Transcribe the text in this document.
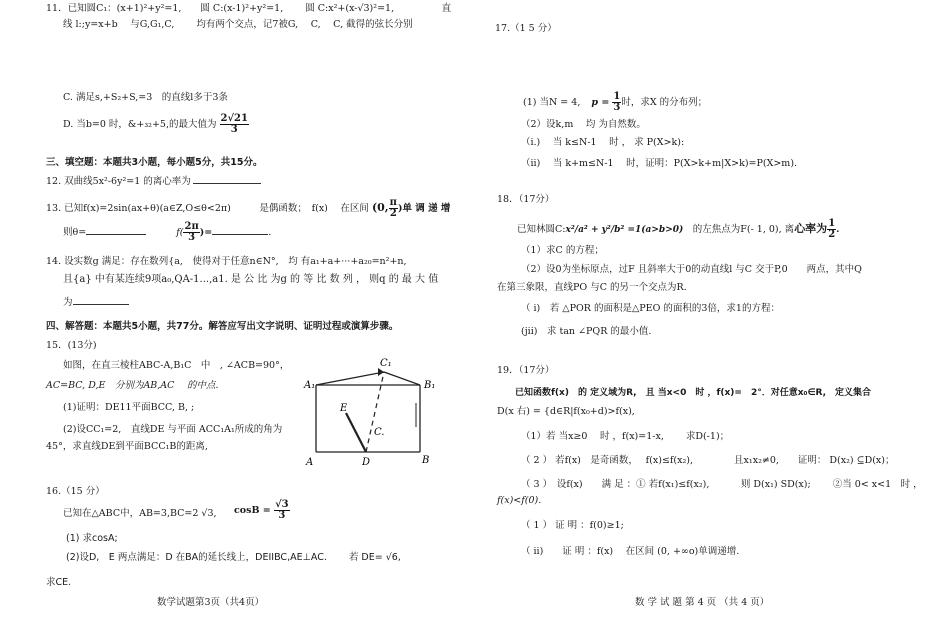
11．已知圆C₁：(x+1)²+y²=1,　　圆 C:(x-1)²+y²=1,　　 圆 C:x²+(x-√3)²=1,　　　　　直
线 l:;y=x+b　 与G,G₁,C,　　 均有两个交点，记7被G,　 C,　 C, 截得的弦长分别
C. 满足s,+S₂+S,=3　的直线l多于3条
D. 当b=0 时，&+₃₂+5,的最大值为 $\frac{2√21}{3}$
三、填空题：本题共3小题，每小题5分，共15分。
12. 双曲线5x²-6y²=1 的离心率为
13. 已知f(x)=2sin(ax+θ)(a∈Z,O≤θ<2π)　　　是偶函数；　f(x)　 在区间 (0, $\frac{\pi}{2}$ )单 调 递 增
则θ=	$f( \frac{2\pi}{3}$ )=	.
14. 设实数g 满足：存在数列{a,　使得对于任意n∈N°,　均 有a₁+a+···+a₂₀=n²+n,
且{a} 中有某连续9项a₀,QA-1...,a1. 是 公 比 为g 的 等 比 数 列 ， 则q 的 最 大 值
为
四、解答题：本题共5小题，共77分。解答应写出文字说明、证明过程或演算步骤。
15．(13分)
如图，在直三棱柱ABC-A,B₁C　中　, ∠ACB=90°，
AC=BC, D,E　分别为AB,AC　 的中点.
(1)证明：DE11平面BCC, B, ;
(2)设CC₁=2,　直线DE 与平面 ACC₁A₁所成的角为
45°，求直线DE到平面BCC₁B的距离,
A₁
C₁
B₁
E
C.
A	D	B
16.（15 分）
已知在△ABC中，AB=3,BC=2 √3, $\cos B = \frac{√3}{3}$
(1) 求cosA;
(2)设D,　E 两点满足：D 在BA的延长线上，DEIIBC,AE⊥AC.　　 若 DE= √6,
求CE.
数学试题第3页（共4页）
17.（1 5 分）
(1) 当N = 4, $p = \frac{1}{3}$ 时，求X 的分布列；
（2）设k,m　 均 为自然数。
（i.)　 当 k≤N-1　 时 ， 求 P(X>k):
（ii)　 当 k+m≤N-1　 时，证明：P(X>k+m|X>k)=P(X>m).
18．（17分）
已知林圆C:x²/a² + y²/b² =1(a>b>0)　的左焦点为F(- 1, 0), 离心率为 $\frac{1}{2}$ .
（1）求C 的方程；
（2）设0为坐标原点，过F 且斜率大于0的动直线l 与C 交于P,0　　两点，其中Q
在第三象限，直线PO 与C 的另一个交点为R.
（ i)　若 △POR 的面积是△PEO 的面积的3倍，求1的方程：
(jii)　求 tan ∠PQR 的最小值.
19．（17分）
已知函数f(x)　的 定义域为R,　且 当x<0　时 ，f(x)=　2°．对任意x₀∈R,　定义集合
D(x 右) = {d∈R|f(x₀+d)>f(x),
（1）若 当x≥0　 时 ，f(x)=1-x,　　 求D(-1)；
（ 2 ） 若f(x)　是奇函数，　 f(x)≤f(x₂),　　　　 且x₁x₂≠0,　　证明： D(x₂) ⊆D(x)；
（ 3 ）　设f(x)　　满 足 ：① 若f(x₁)≤f(x₂),　　　 则 D(x₁) SD(x);　　 ②当 0< x<1　时 ，
f(x)<f(0).
（ 1 ） 证 明 ：f(0)≥1;
（ ii)　　证 明 ：f(x)　 在区间 (0, +∞o)单调递增.
数 学 试 题 第 4 页 （共 4 页）
